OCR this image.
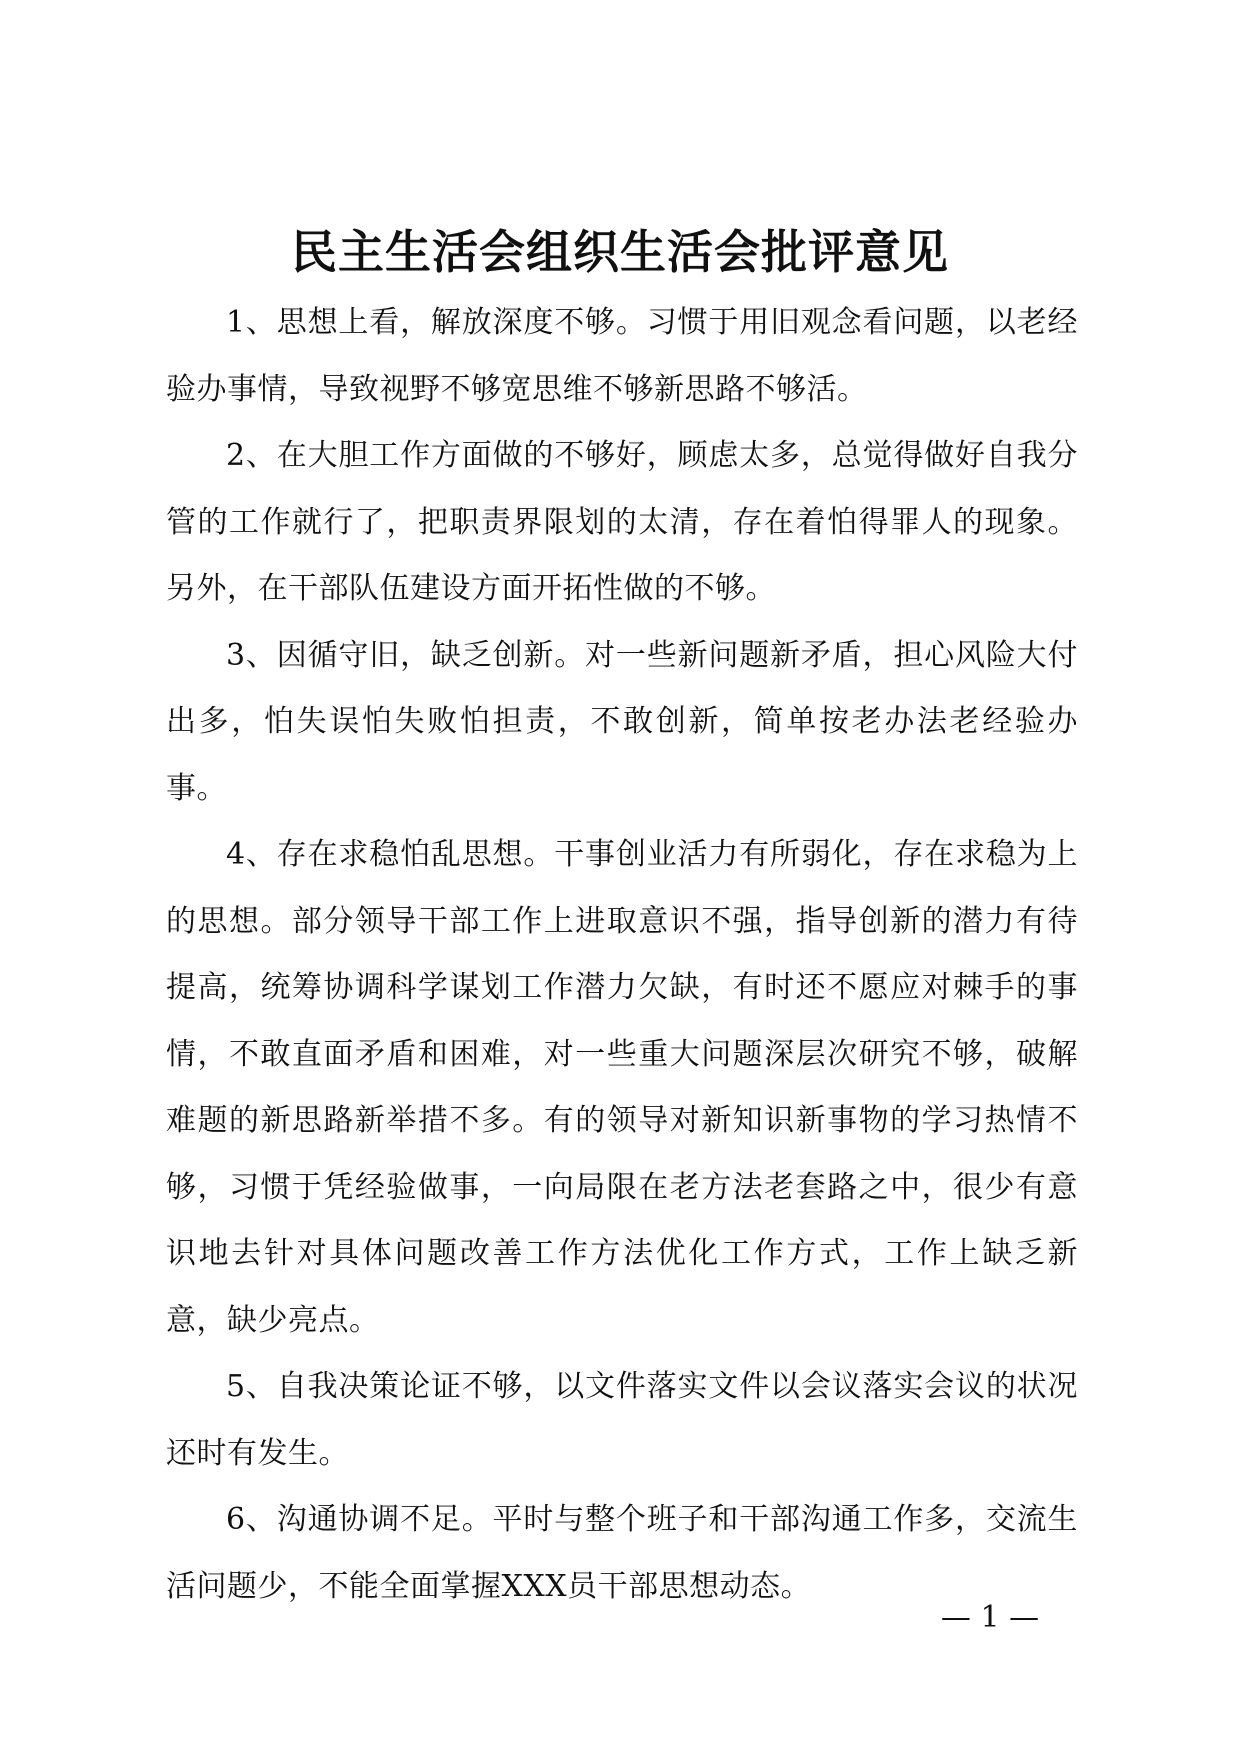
民主生活会组织生活会批评意见

1、思想上看，解放深度不够。习惯于用旧观念看问题，以老经验办事情，导致视野不够宽思维不够新思路不够活。

2、在大胆工作方面做的不够好，顾虑太多，总觉得做好自我分管的工作就行了，把职责界限划的太清，存在着怕得罪人的现象。另外，在干部队伍建设方面开拓性做的不够。

3、因循守旧，缺乏创新。对一些新问题新矛盾，担心风险大付出多，怕失误怕失败怕担责，不敢创新，简单按老办法老经验办事。

4、存在求稳怕乱思想。干事创业活力有所弱化，存在求稳为上的思想。部分领导干部工作上进取意识不强，指导创新的潜力有待提高，统筹协调科学谋划工作潜力欠缺，有时还不愿应对棘手的事情，不敢直面矛盾和困难，对一些重大问题深层次研究不够，破解难题的新思路新举措不多。有的领导对新知识新事物的学习热情不够，习惯于凭经验做事，一向局限在老方法老套路之中，很少有意识地去针对具体问题改善工作方法优化工作方式，工作上缺乏新意，缺少亮点。

5、自我决策论证不够，以文件落实文件以会议落实会议的状况还时有发生。

6、沟通协调不足。平时与整个班子和干部沟通工作多，交流生活问题少，不能全面掌握XXX员干部思想动态。

— 1 —
